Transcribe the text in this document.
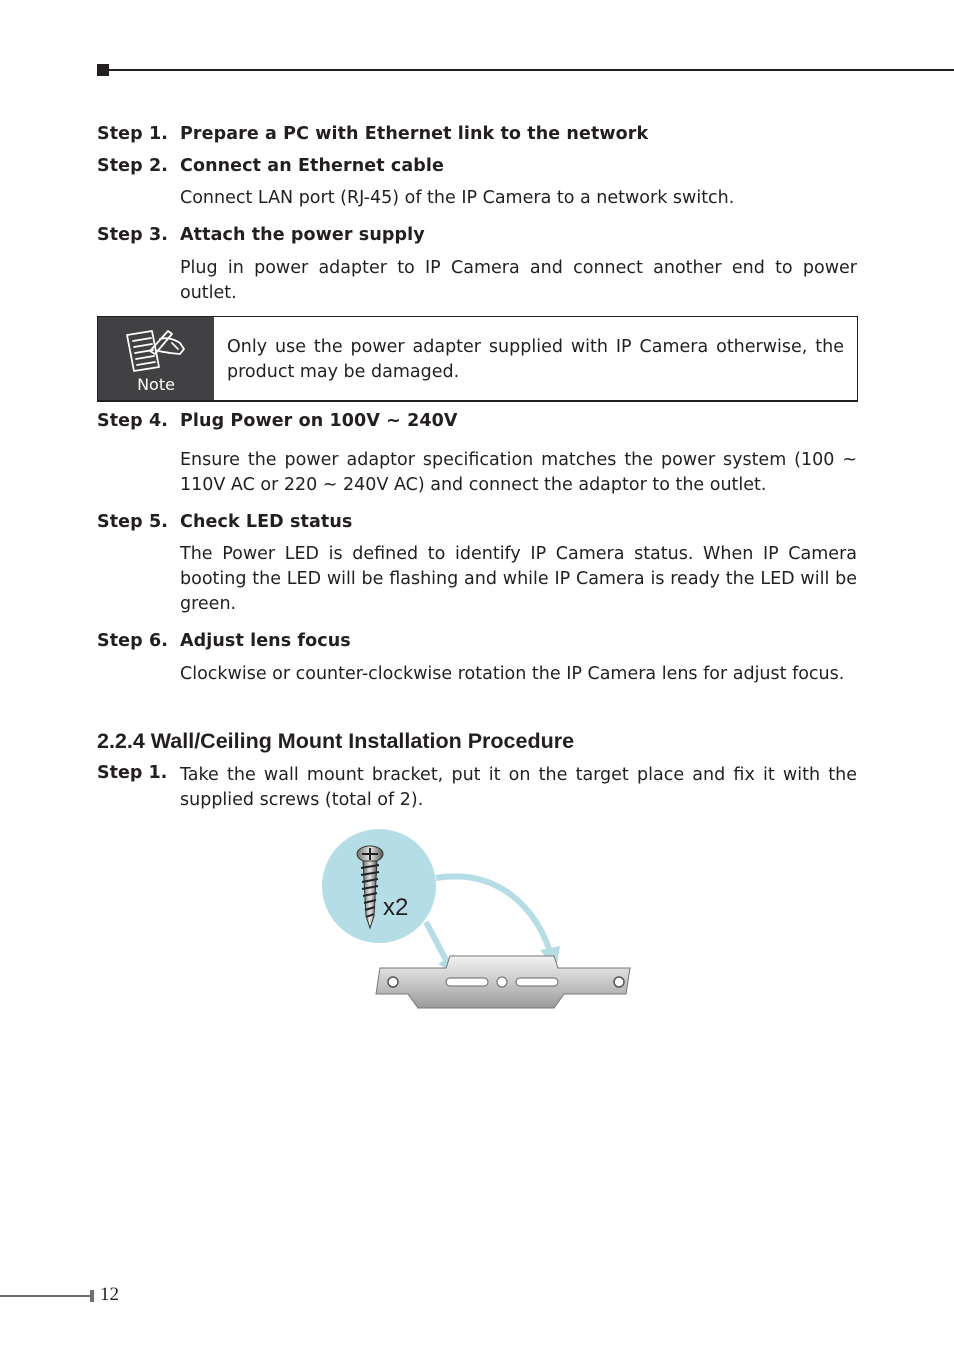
Step 1. Prepare a PC with Ethernet link to the network
Step 2. Connect an Ethernet cable
Connect LAN port (RJ-45) of the IP Camera to a network switch.
Step 3. Attach the power supply
Plug in power adapter to IP Camera and connect another end to power outlet.
Note
Only use the power adapter supplied with IP Camera otherwise, the product may be damaged.
Step 4. Plug Power on 100V ~ 240V
Ensure the power adaptor specification matches the power system (100 ~ 110V AC or 220 ~ 240V AC) and connect the adaptor to the outlet.
Step 5. Check LED status
The Power LED is defined to identify IP Camera status. When IP Camera booting the LED will be flashing and while IP Camera is ready the LED will be green.
Step 6. Adjust lens focus
Clockwise or counter-clockwise rotation the IP Camera lens for adjust focus.
2.2.4 Wall/Ceiling Mount Installation Procedure
Step 1. Take the wall mount bracket, put it on the target place and fix it with the supplied screws (total of 2).
x2
12
